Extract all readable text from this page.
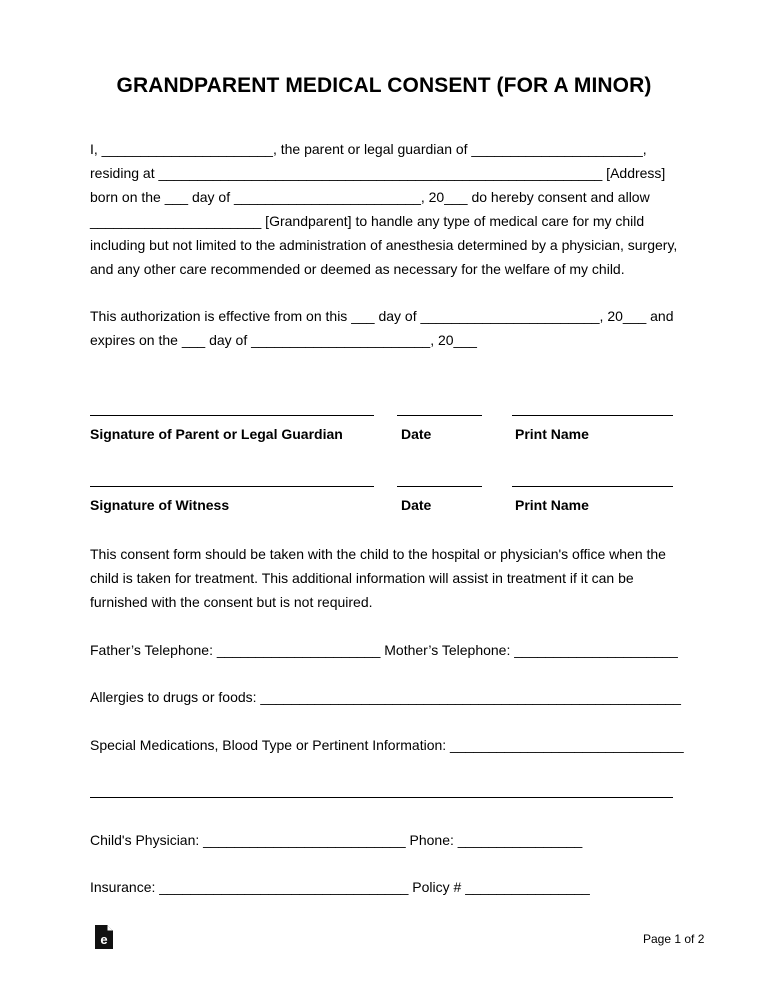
GRANDPARENT MEDICAL CONSENT (FOR A MINOR)
I, ______________________, the parent or legal guardian of ______________________,
residing at _________________________________________________________ [Address]
born on the ___ day of ________________________, 20___ do hereby consent and allow
______________________ [Grandparent] to handle any type of medical care for my child
including but not limited to the administration of anesthesia determined by a physician, surgery,
and any other care recommended or deemed as necessary for the welfare of my child.
This authorization is effective from on this ___ day of _______________________, 20___ and
expires on the ___ day of _______________________, 20___
Signature of Parent or Legal Guardian	Date	Print Name
Signature of Witness	Date	Print Name
This consent form should be taken with the child to the hospital or physician's office when the
child is taken for treatment. This additional information will assist in treatment if it can be
furnished with the consent but is not required.
Father’s Telephone: _____________________ Mother’s Telephone: _____________________
Allergies to drugs or foods: ______________________________________________________
Special Medications, Blood Type or Pertinent Information: ______________________________
Child's Physician: __________________________ Phone: ________________
Insurance: ________________________________ Policy # ________________
e	Page 1 of 2
